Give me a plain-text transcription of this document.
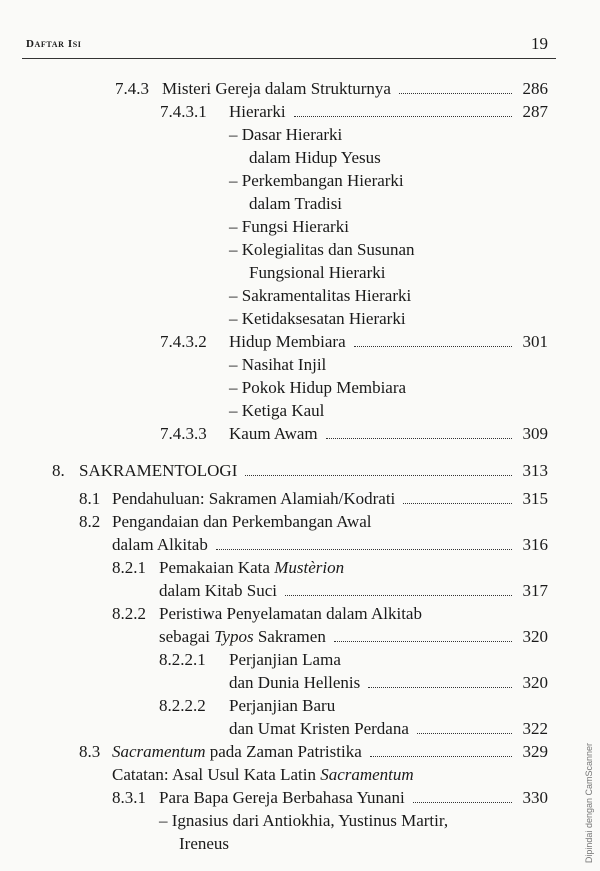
Daftar Isi	19
7.4.3 Misteri Gereja dalam Strukturnya	286
7.4.3.1 Hierarki	287
– Dasar Hierarki
dalam Hidup Yesus
– Perkembangan Hierarki
dalam Tradisi
– Fungsi Hierarki
– Kolegialitas dan Susunan
Fungsional Hierarki
– Sakramentalitas Hierarki
– Ketidaksesatan Hierarki
7.4.3.2 Hidup Membiara	301
– Nasihat Injil
– Pokok Hidup Membiara
– Ketiga Kaul
7.4.3.3 Kaum Awam	309
8. SAKRAMENTOLOGI	313
8.1 Pendahuluan: Sakramen Alamiah/Kodrati	315
8.2 Pengandaian dan Perkembangan Awal
dalam Alkitab	316
8.2.1 Pemakaian Kata Mustèrion
dalam Kitab Suci	317
8.2.2 Peristiwa Penyelamatan dalam Alkitab
sebagai Typos Sakramen	320
8.2.2.1 Perjanjian Lama
dan Dunia Hellenis	320
8.2.2.2 Perjanjian Baru
dan Umat Kristen Perdana	322
8.3 Sacramentum pada Zaman Patristika	329
Catatan: Asal Usul Kata Latin Sacramentum
8.3.1 Para Bapa Gereja Berbahasa Yunani	330
– Ignasius dari Antiokhia, Yustinus Martir,
Ireneus	Dipindai dengan CamScanner
